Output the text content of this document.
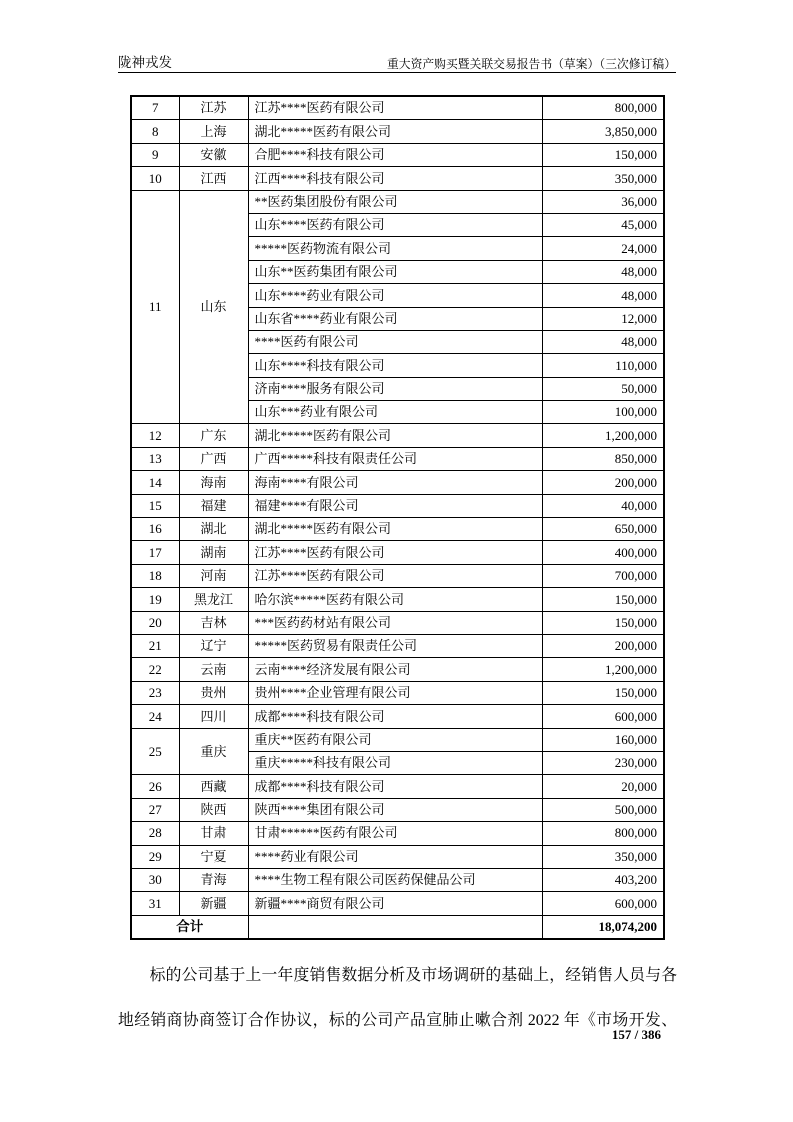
陇神戎发	重大资产购买暨关联交易报告书（草案）（三次修订稿）
7	江苏	江苏****医药有限公司	800,000
8	上海	湖北*****医药有限公司	3,850,000
9	安徽	合肥****科技有限公司	150,000
10	江西	江西****科技有限公司	350,000
11	山东	**医药集团股份有限公司	36,000
		山东****医药有限公司	45,000
		*****医药物流有限公司	24,000
		山东**医药集团有限公司	48,000
		山东****药业有限公司	48,000
		山东省****药业有限公司	12,000
		****医药有限公司	48,000
		山东****科技有限公司	110,000
		济南****服务有限公司	50,000
		山东***药业有限公司	100,000
12	广东	湖北*****医药有限公司	1,200,000
13	广西	广西*****科技有限责任公司	850,000
14	海南	海南****有限公司	200,000
15	福建	福建****有限公司	40,000
16	湖北	湖北*****医药有限公司	650,000
17	湖南	江苏****医药有限公司	400,000
18	河南	江苏****医药有限公司	700,000
19	黑龙江	哈尔滨*****医药有限公司	150,000
20	吉林	***医药药材站有限公司	150,000
21	辽宁	*****医药贸易有限责任公司	200,000
22	云南	云南****经济发展有限公司	1,200,000
23	贵州	贵州****企业管理有限公司	150,000
24	四川	成都****科技有限公司	600,000
25	重庆	重庆**医药有限公司	160,000
		重庆*****科技有限公司	230,000
26	西藏	成都****科技有限公司	20,000
27	陕西	陕西****集团有限公司	500,000
28	甘肃	甘肃******医药有限公司	800,000
29	宁夏	****药业有限公司	350,000
30	青海	****生物工程有限公司医药保健品公司	403,200
31	新疆	新疆****商贸有限公司	600,000
合计			18,074,200
标的公司基于上一年度销售数据分析及市场调研的基础上，经销售人员与各地经销商协商签订合作协议，标的公司产品宣肺止嗽合剂 2022 年《市场开发、
157 / 386
